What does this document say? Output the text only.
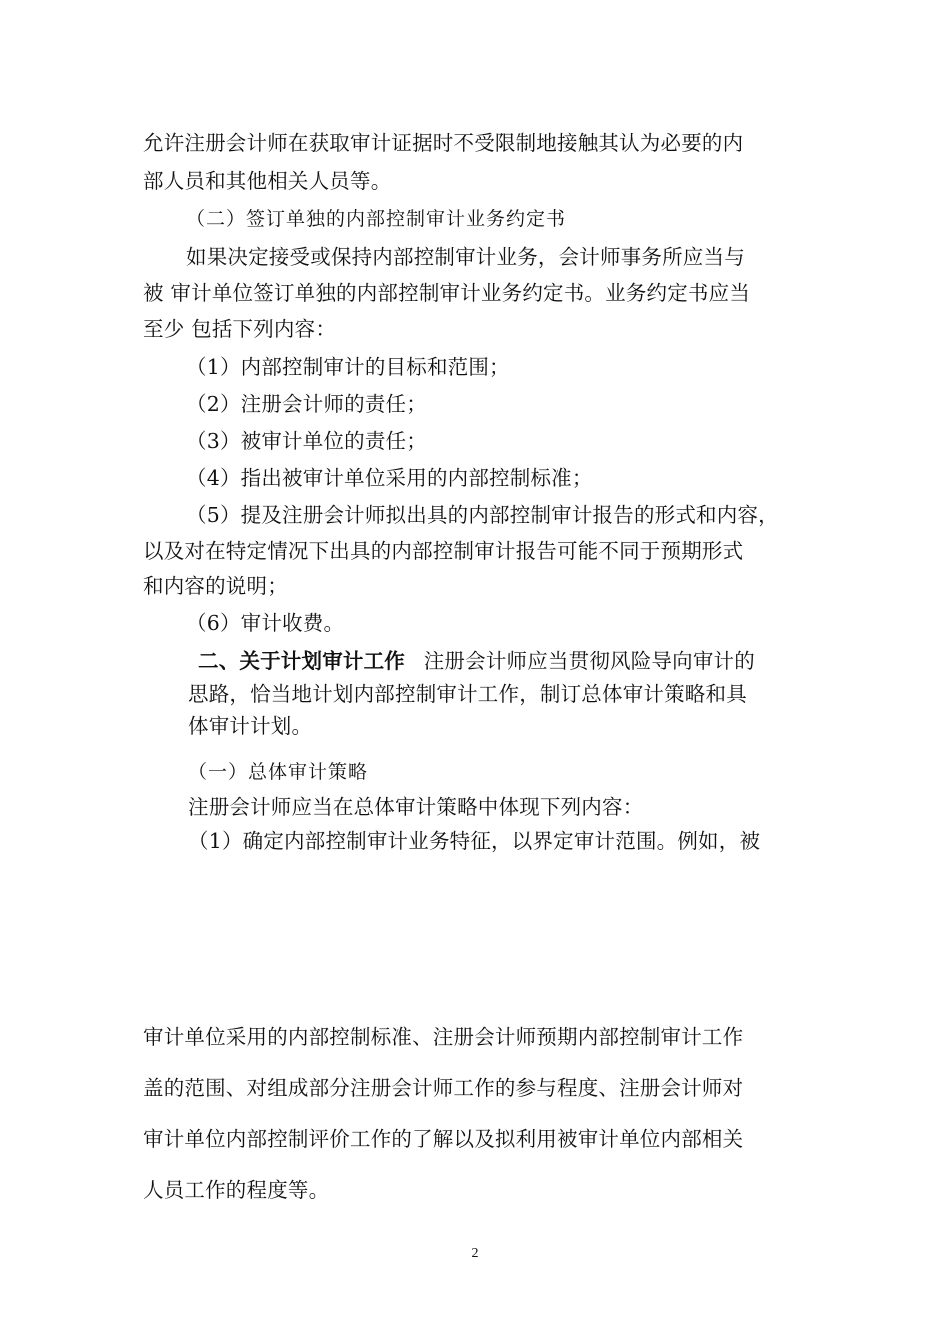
允许注册会计师在获取审计证据时不受限制地接触其认为必要的内
部人员和其他相关人员等。
（二）签订单独的内部控制审计业务约定书
如果决定接受或保持内部控制审计业务，会计师事务所应当与
被 审计单位签订单独的内部控制审计业务约定书。业务约定书应当
至少 包括下列内容：
（1）内部控制审计的目标和范围；
（2）注册会计师的责任；
（3）被审计单位的责任；
（4）指出被审计单位采用的内部控制标准；
（5）提及注册会计师拟出具的内部控制审计报告的形式和内容，
以及对在特定情况下出具的内部控制审计报告可能不同于预期形式
和内容的说明；
（6）审计收费。
二、关于计划审计工作 注册会计师应当贯彻风险导向审计的
思路，恰当地计划内部控制审计工作，制订总体审计策略和具
体审计计划。
（一）总体审计策略
注册会计师应当在总体审计策略中体现下列内容：
（1）确定内部控制审计业务特征，以界定审计范围。例如，被
审计单位采用的内部控制标准、注册会计师预期内部控制审计工作
盖的范围、对组成部分注册会计师工作的参与程度、注册会计师对
审计单位内部控制评价工作的了解以及拟利用被审计单位内部相关
人员工作的程度等。
2
